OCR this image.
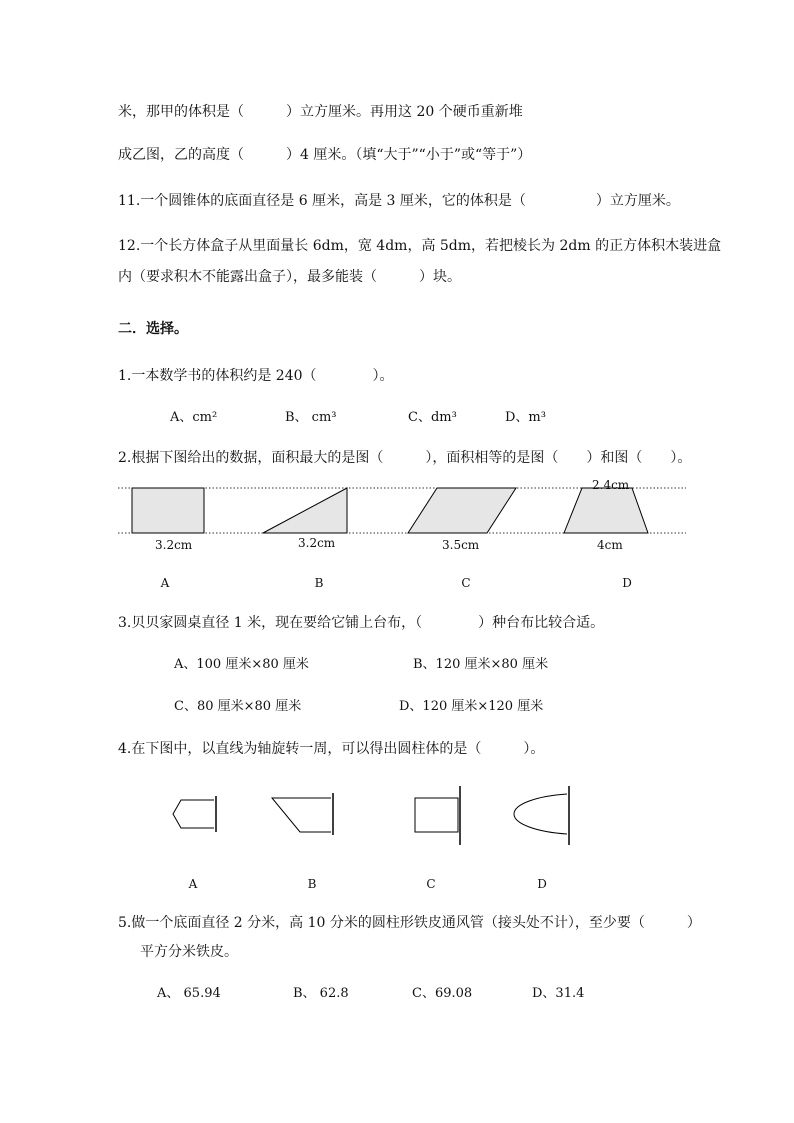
米，那甲的体积是（　　　）立方厘米。再用这 20 个硬币重新堆
成乙图，乙的高度（　　　）4 厘米。（填“大于”“小于”或“等于”）
11.一个圆锥体的底面直径是 6 厘米，高是 3 厘米，它的体积是（　　　　　）立方厘米。
12.一个长方体盒子从里面量长 6dm，宽 4dm，高 5dm，若把棱长为 2dm 的正方体积木装进盒
内（要求积木不能露出盒子），最多能装（　　　）块。
二．选择。
1.一本数学书的体积约是 240（　　　　）。
A、cm²	B、 cm³	C、dm³	D、m³
2.根据下图给出的数据，面积最大的是图（　　　），面积相等的是图（　　）和图（　　）。
3.2cm	3.2cm	3.5cm
2.4cm
4cm
A	B	C	D
3.贝贝家圆桌直径 1 米，现在要给它铺上台布，（　　　　）种台布比较合适。
A、100 厘米×80 厘米	B、120 厘米×80 厘米
C、80 厘米×80 厘米	D、120 厘米×120 厘米
4.在下图中，以直线为轴旋转一周，可以得出圆柱体的是（　　　）。
A	B	C	D
5.做一个底面直径 2 分米，高 10 分米的圆柱形铁皮通风管（接头处不计），至少要（　　　）
平方分米铁皮。
A、 65.94	B、 62.8	C、69.08	D、31.4
